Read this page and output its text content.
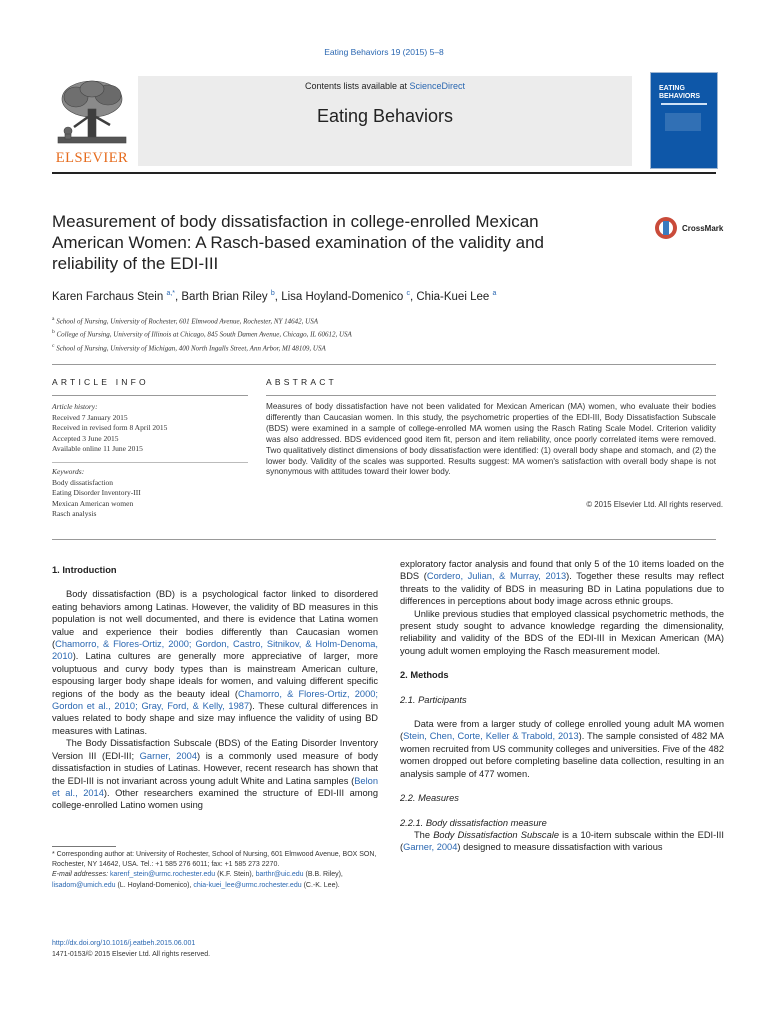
Eating Behaviors 19 (2015) 5–8
Contents lists available at ScienceDirect
Eating Behaviors
ELSEVIER
EATING BEHAVIORS
Measurement of body dissatisfaction in college-enrolled Mexican American Women: A Rasch-based examination of the validity and reliability of the EDI-III
CrossMark
Karen Farchaus Stein $^{a,*}$, Barth Brian Riley $^b$, Lisa Hoyland-Domenico $^c$, Chia-Kuei Lee $^a$
$^a$ School of Nursing, University of Rochester, 601 Elmwood Avenue, Rochester, NY 14642, USA
$^b$ College of Nursing, University of Illinois at Chicago, 845 South Damen Avenue, Chicago, IL 60612, USA
$^c$ School of Nursing, University of Michigan, 400 North Ingalls Street, Ann Arbor, MI 48109, USA
ARTICLE INFO	ABSTRACT
Article history:
Received 7 January 2015
Received in revised form 8 April 2015
Accepted 3 June 2015
Available online 11 June 2015
Keywords:
Body dissatisfaction
Eating Disorder Inventory-III
Mexican American women
Rasch analysis
Measures of body dissatisfaction have not been validated for Mexican American (MA) women, who evaluate their bodies differently than Caucasian women. In this study, the psychometric properties of the EDI-III, Body Dissatisfaction Subscale (BDS) were examined in a sample of college-enrolled MA women using the Rasch Rating Scale Model. Criterion validity was also addressed. BDS evidenced good item fit, person and item reliability, once poorly correlated items were removed. Two qualitatively distinct dimensions of body dissatisfaction were identified: (1) overall body shape and stomach, and (2) the lower body. Validity of the scales was supported. Results suggest: MA women's satisfaction with overall body shape is not synonymous with attitudes toward their lower body.
© 2015 Elsevier Ltd. All rights reserved.
1. Introduction

Body dissatisfaction (BD) is a psychological factor linked to disordered eating behaviors among Latinas. However, the validity of BD measures in this population is not well documented, and there is evidence that Latina women value and experience their bodies differently than Caucasian women (Chamorro, & Flores-Ortiz, 2000; Gordon, Castro, Sitnikov, & Holm-Denoma, 2010). Latina cultures are generally more appreciative of larger, more voluptuous and curvy body types than is mainstream American culture, espousing larger body shape ideals for women, and valuing different specific regions of the body as the beauty ideal (Chamorro, & Flores-Ortiz, 2000; Gordon et al., 2010; Gray, Ford, & Kelly, 1987). These cultural differences in values related to body shape and size may influence the validity of using BD measures with Latinas.

The Body Dissatisfaction Subscale (BDS) of the Eating Disorder Inventory Version III (EDI-III; Garner, 2004) is a commonly used measure of body dissatisfaction in studies of Latinas. However, recent research has shown that the EDI-III is not invariant across young adult White and Latina samples (Belon et al., 2014). Other researchers examined the structure of EDI-III among college-enrolled Latino women using

exploratory factor analysis and found that only 5 of the 10 items loaded on the BDS (Cordero, Julian, & Murray, 2013). Together these results may reflect threats to the validity of BDS in measuring BD in Latina populations due to differences in perceptions about body image across ethnic groups.

Unlike previous studies that employed classical psychometric methods, the present study sought to advance knowledge regarding the dimensionality, reliability and validity of the BDS of the EDI-III in Mexican American (MA) young adult women employing the Rasch measurement model.

2. Methods
2.1. Participants

Data were from a larger study of college enrolled young adult MA women (Stein, Chen, Corte, Keller & Trabold, 2013). The sample consisted of 482 MA women recruited from US community colleges and universities. Five of the 482 women dropped out before completing baseline data collection, resulting in an analysis sample of 477 women.

2.2. Measures
2.2.1. Body dissatisfaction measure

The Body Dissatisfaction Subscale is a 10-item subscale within the EDI-III (Garner, 2004) designed to measure dissatisfaction with various

* Corresponding author at: University of Rochester, School of Nursing, 601 Elmwood Avenue, BOX SON, Rochester, NY 14642, USA. Tel.: +1 585 276 6011; fax: +1 585 273 2270.

E-mail addresses: karenf_stein@urmc.rochester.edu (K.F. Stein), barthr@uic.edu (B.B. Riley), lisadom@umich.edu (L. Hoyland-Domenico), chia-kuei_lee@urmc.rochester.edu (C.-K. Lee).

http://dx.doi.org/10.1016/j.eatbeh.2015.06.001
1471-0153/© 2015 Elsevier Ltd. All rights reserved.
